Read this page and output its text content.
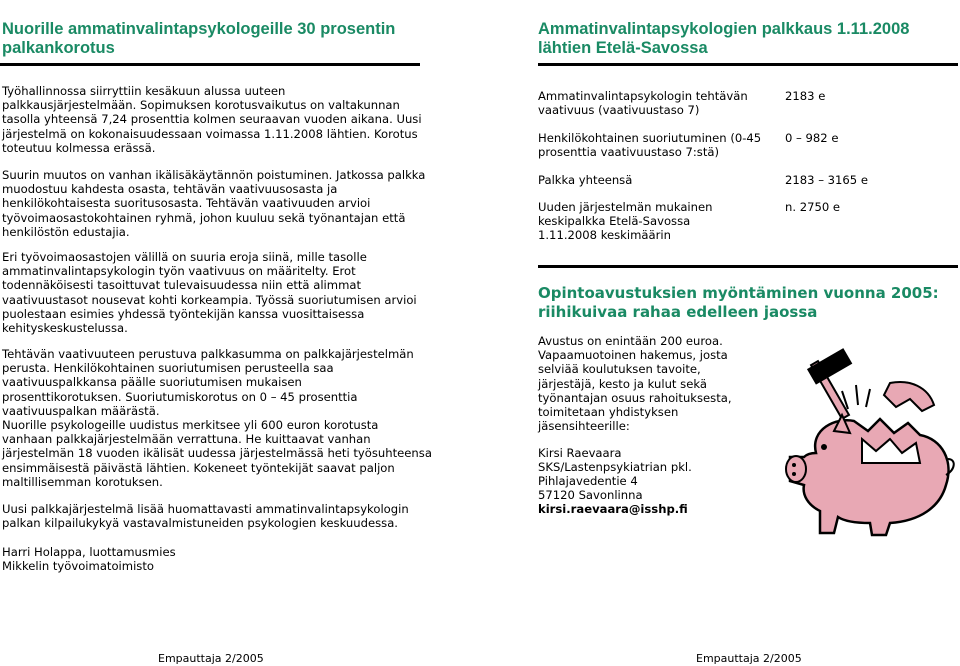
Nuorille ammatinvalintapsykologeille 30 prosentin palkankorotus

Työhallinnossa siirryttiin kesäkuun alussa uuteen palkkausjärjestelmään. Sopimuksen korotusvaikutus on valtakunnan tasolla yhteensä 7,24 prosenttia kolmen seuraavan vuoden aikana. Uusi järjestelmä on kokonaisuudessaan voimassa 1.11.2008 lähtien. Korotus toteutuu kolmessa erässä.

Suurin muutos on vanhan ikälisäkäytännön poistuminen. Jatkossa palkka muodostuu kahdesta osasta, tehtävän vaativuusosasta ja henkilökohtaisesta suoritusosasta. Tehtävän vaativuuden arvioi työvoimaosastokohtainen ryhmä, johon kuuluu sekä työnantajan että henkilöstön edustajia.

Eri työvoimaosastojen välillä on suuria eroja siinä, mille tasolle ammatinvalintapsykologin työn vaativuus on määritelty. Erot todennäköisesti tasoittuvat tulevaisuudessa niin että alimmat vaativuustasot nousevat kohti korkeampia. Työssä suoriutumisen arvioi puolestaan esimies yhdessä työntekijän kanssa vuosittaisessa kehityskeskustelussa.

Tehtävän vaativuuteen perustuva palkkasumma on palkkajärjestelmän perusta. Henkilökohtainen suoriutumisen perusteella saa vaativuuspalkkansa päälle suoriutumisen mukaisen prosenttikorotuksen. Suoriutumiskorotus on 0 – 45 prosenttia vaativuuspalkan määrästä.

Nuorille psykologeille uudistus merkitsee yli 600 euron korotusta vanhaan palkkajärjestelmään verrattuna. He kuittaavat vanhan järjestelmän 18 vuoden ikälisät uudessa järjestelmässä heti työsuhteensa ensimmäisestä päivästä lähtien. Kokeneet työntekijät saavat paljon maltillisemman korotuksen.

Uusi palkkajärjestelmä lisää huomattavasti ammatinvalintapsykologin palkan kilpailukykyä vastavalmistuneiden psykologien keskuudessa.

Harri Holappa, luottamusmies Mikkelin työvoimatoimisto

Empauttaja 2/2005
Ammatinvalintapsykologien palkkaus 1.11.2008 lähtien Etelä-Savossa
Ammatinvalintapsykologin tehtävän vaativuus (vaativuustaso 7)
2183 e
Henkilökohtainen suoriutuminen (0-45 prosenttia vaativuustaso 7:stä)
0 – 982 e
Palkka yhteensä	2183 – 3165 e
Uuden järjestelmän mukainen keskipalkka Etelä-Savossa 1.11.2008 keskimäärin
n. 2750 e
Opintoavustuksien myöntäminen vuonna 2005: riihikuivaa rahaa edelleen jaossa

Avustus on enintään 200 euroa. Vapaamuotoinen hakemus, josta selviää koulutuksen tavoite, järjestäjä, kesto ja kulut sekä työnantajan osuus rahoituksesta, toimitetaan yhdistyksen jäsensihteerille:

Kirsi Raevaara
SKS/Lastenpsykiatrian pkl.
Pihlajavedentie 4
57120 Savonlinna
kirsi.raevaara@isshp.fi
Empauttaja 2/2005
